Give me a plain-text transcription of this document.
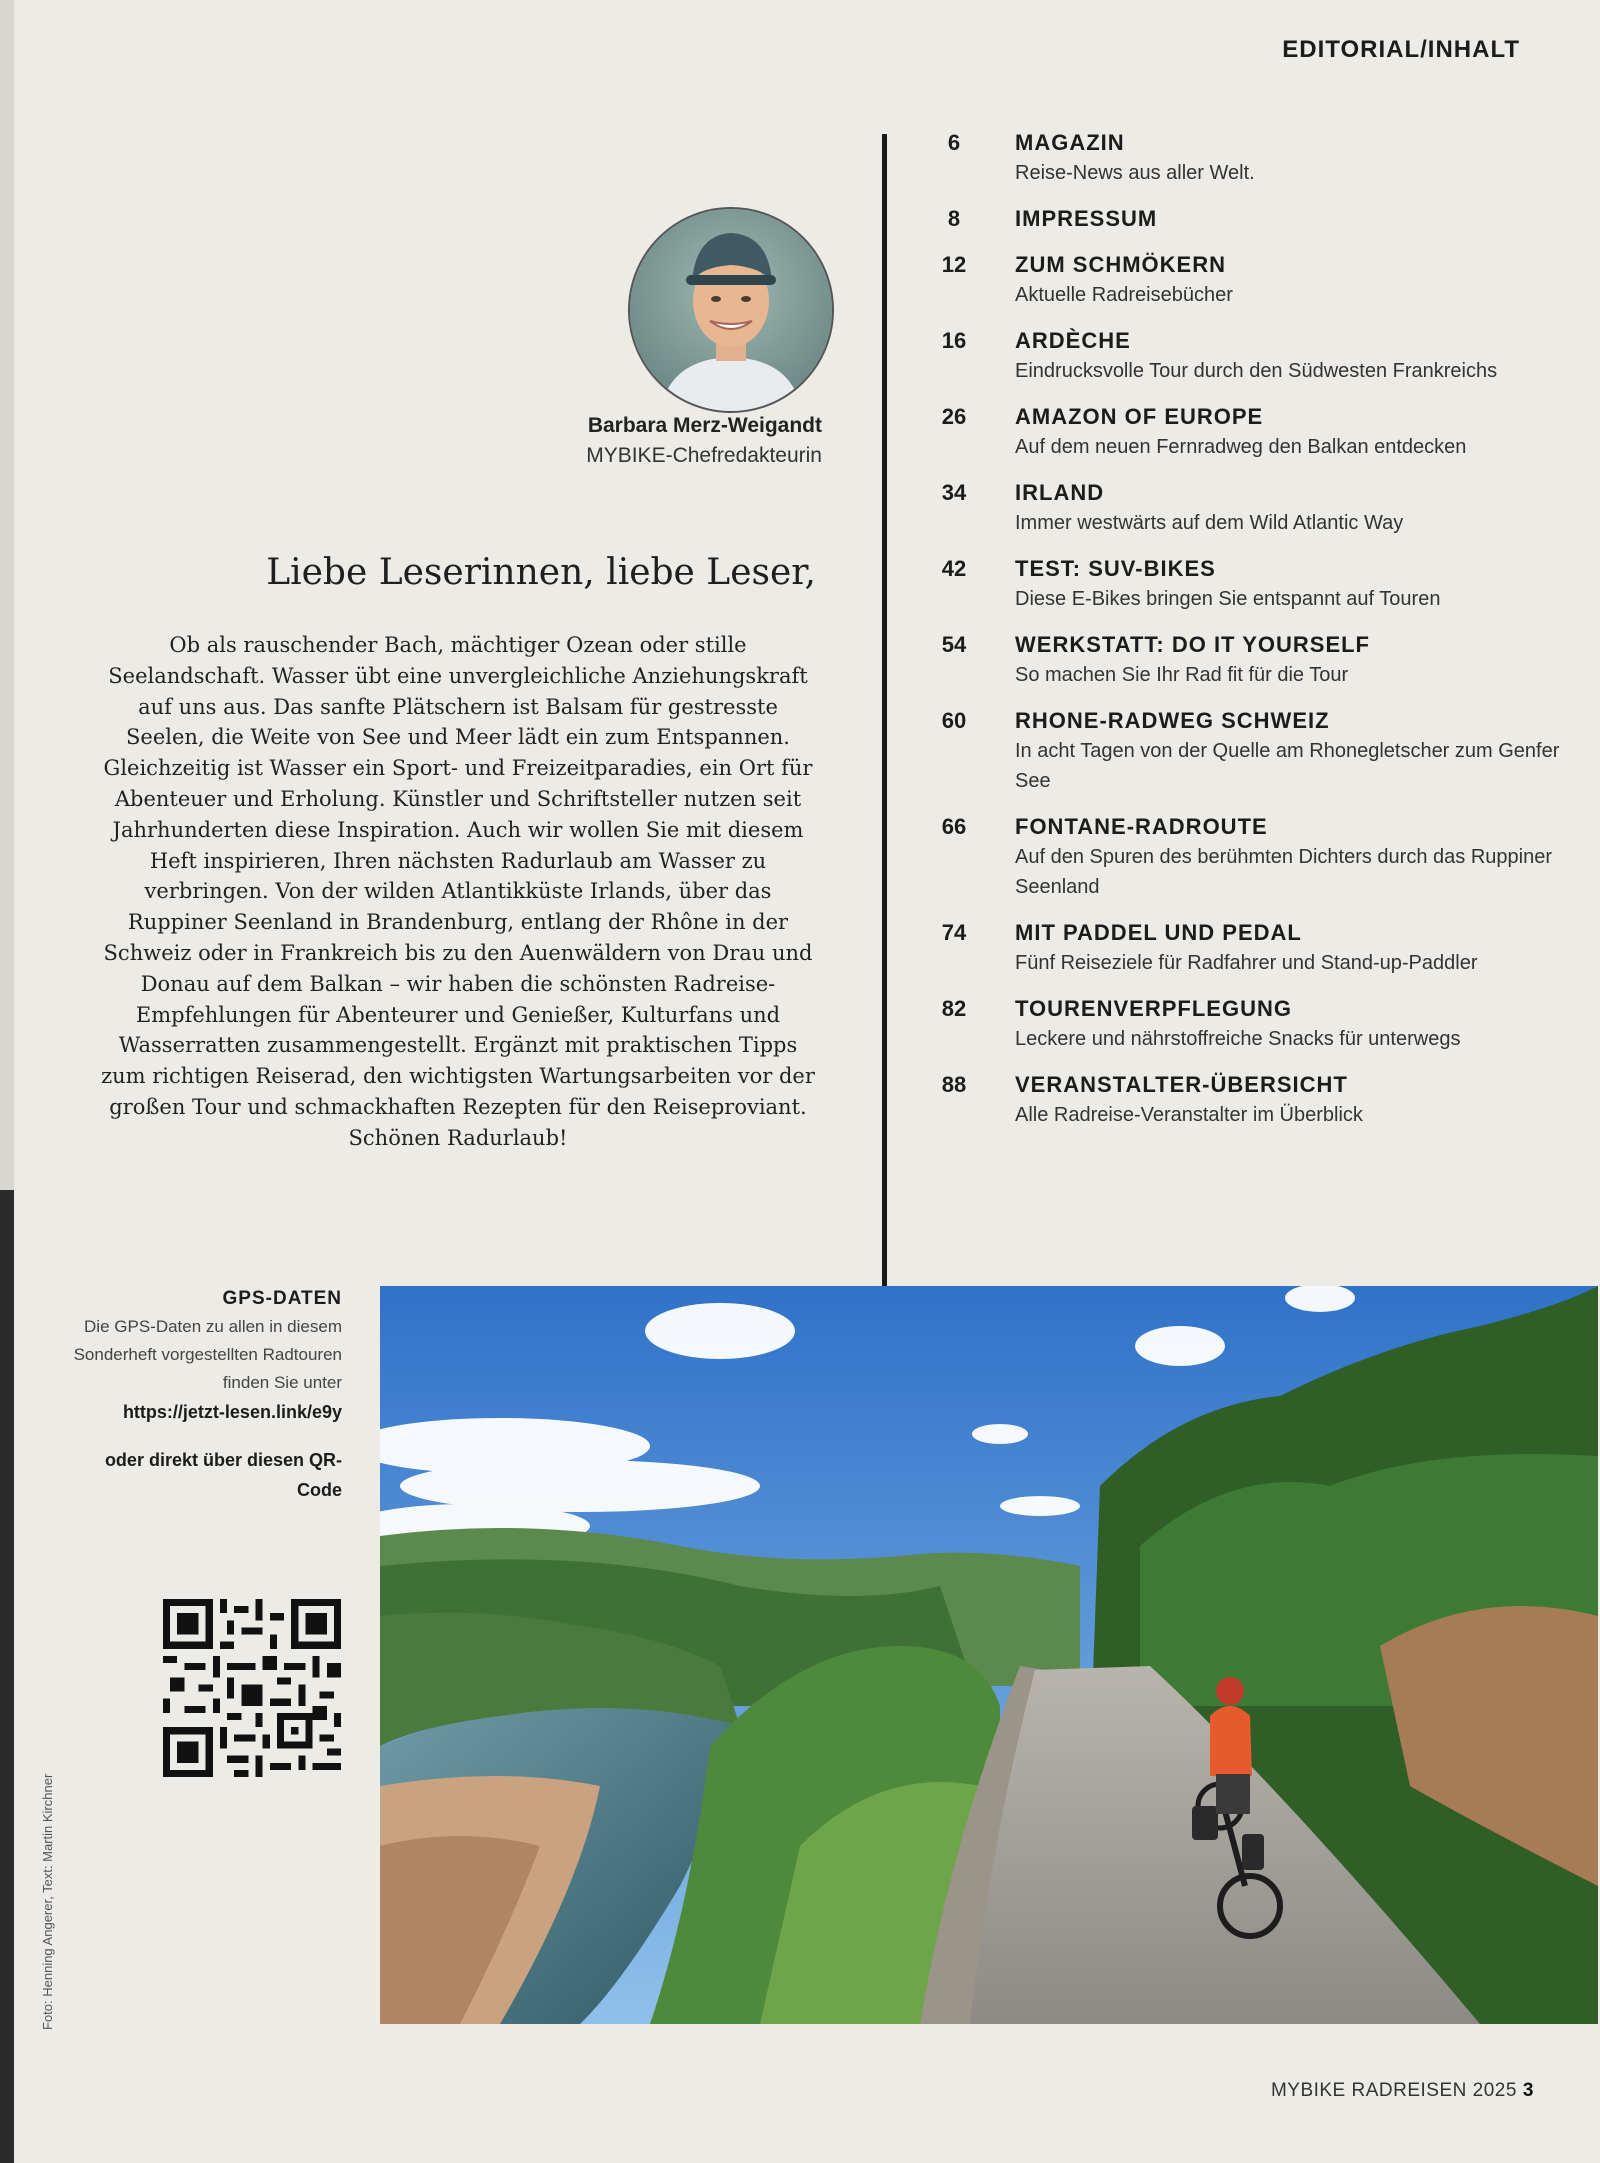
EDITORIAL/INHALT
Barbara Merz-Weigandt
MYBIKE-Chefredakteurin
Liebe Leserinnen, liebe Leser,

Ob als rauschender Bach, mächtiger Ozean oder stille Seelandschaft. Wasser übt eine unvergleichliche Anziehungskraft auf uns aus. Das sanfte Plätschern ist Balsam für gestresste Seelen, die Weite von See und Meer lädt ein zum Entspannen. Gleichzeitig ist Wasser ein Sport- und Freizeitparadies, ein Ort für Abenteuer und Erholung. Künstler und Schriftsteller nutzen seit Jahrhunderten diese Inspiration. Auch wir wollen Sie mit diesem Heft inspirieren, Ihren nächsten Radurlaub am Wasser zu verbringen. Von der wilden Atlantikküste Irlands, über das Ruppiner Seenland in Brandenburg, entlang der Rhône in der Schweiz oder in Frankreich bis zu den Auenwäldern von Drau und Donau auf dem Balkan – wir haben die schönsten Radreise-Empfehlungen für Abenteurer und Genießer, Kulturfans und Wasserratten zusammengestellt. Ergänzt mit praktischen Tipps zum richtigen Reiserad, den wichtigsten Wartungsarbeiten vor der großen Tour und schmackhaften Rezepten für den Reiseproviant.

Schönen Radurlaub!

6	MAGAZIN
Reise-News aus aller Welt.
8	IMPRESSUM
12	ZUM SCHMÖKERN
Aktuelle Radreisebücher
16	ARDÈCHE
Eindrucksvolle Tour durch den Südwesten Frankreichs
26	AMAZON OF EUROPE
Auf dem neuen Fernradweg den Balkan entdecken
34	IRLAND
Immer westwärts auf dem Wild Atlantic Way
42	TEST: SUV-BIKES
Diese E-Bikes bringen Sie entspannt auf Touren
54	WERKSTATT: DO IT YOURSELF
So machen Sie Ihr Rad fit für die Tour
60	RHONE-RADWEG SCHWEIZ
In acht Tagen von der Quelle am Rhonegletscher zum Genfer See
66	FONTANE-RADROUTE
Auf den Spuren des berühmten Dichters durch das Ruppiner Seenland
74	MIT PADDEL UND PEDAL
Fünf Reiseziele für Radfahrer und Stand-up-Paddler
82	TOURENVERPFLEGUNG
Leckere und nährstoffreiche Snacks für unterwegs
88	VERANSTALTER-ÜBERSICHT
Alle Radreise-Veranstalter im Überblick
GPS-DATEN
Die GPS-Daten zu allen in diesem Sonderheft vorgestellten Radtouren finden Sie unter
https://jetzt-lesen.link/e9y
oder direkt über diesen QR-Code
Foto: Henning Angerer, Text: Martin Kirchner
MYBIKE RADREISEN 2025 3
